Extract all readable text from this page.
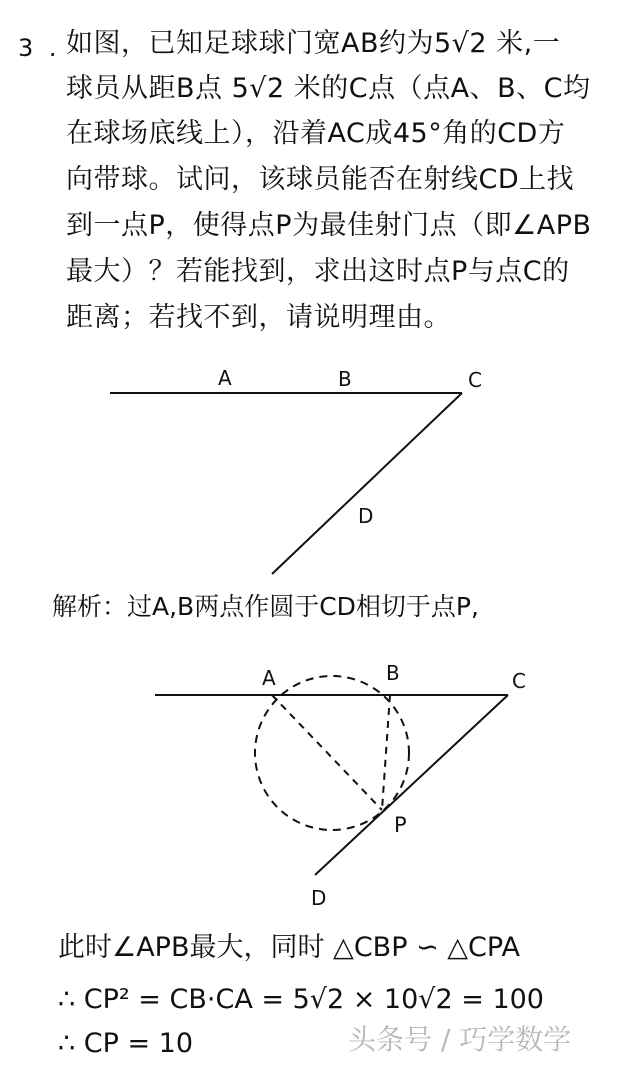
3 . 如图，已知足球球门宽AB约为5√2 米,一
球员从距B点 5√2 米的C点（点A、B、C均
在球场底线上），沿着AC成45°角的CD方
向带球。试问，该球员能否在射线CD上找
到一点P，使得点P为最佳射门点（即∠APB
最大）？若能找到，求出这时点P与点C的
距离；若找不到，请说明理由。
A	B	C
D
解析：过A,B两点作圆于CD相切于点P,
A	B	C
P
D
此时∠APB最大，同时 △CBP ∽ △CPA
∴ CP² = CB·CA = 5√2 × 10√2 = 100
∴ CP = 10	头条号 / 巧学数学
